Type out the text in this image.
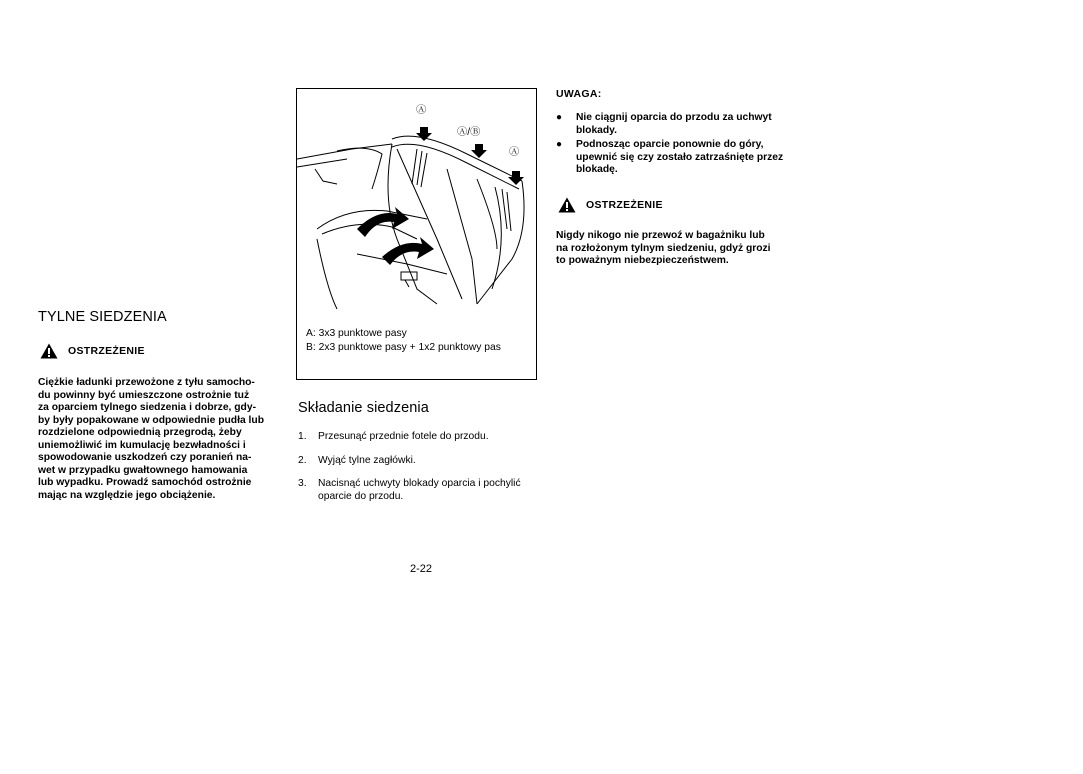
TYLNE SIEDZENIA
OSTRZEŻENIE

Ciężkie ładunki przewożone z tyłu samocho-

du powinny być umieszczone ostrożnie tuż

za oparciem tylnego siedzenia i dobrze, gdy-

by były popakowane w odpowiednie pudła lub

rozdzielone odpowiednią przegrodą, żeby

uniemożliwić im kumulację bezwładności i

spowodowanie uszkodzeń czy poranień na-

wet w przypadku gwałtownego hamowania

lub wypadku. Prowadź samochód ostrożnie

mając na względzie jego obciążenie.

Ⓐ
Ⓐ/Ⓑ
Ⓐ
A: 3x3 punktowe pasy
B: 2x3 punktowe pasy + 1x2 punktowy pas
Składanie siedzenia
1.	Przesunąć przednie fotele do przodu.
2.	Wyjąć tylne zagłówki.
3.	Nacisnąć uchwyty blokady oparcia i pochylić
oparcie do przodu.
UWAGA:
●	Nie ciągnij oparcia do przodu za uchwyt
blokady.
●	Podnosząc oparcie ponownie do góry,
upewnić się czy zostało zatrzaśnięte przez
blokadę.
OSTRZEŻENIE

Nigdy nikogo nie przewoź w bagażniku lub

na rozłożonym tylnym siedzeniu, gdyż grozi

to poważnym niebezpieczeństwem.

2-22
